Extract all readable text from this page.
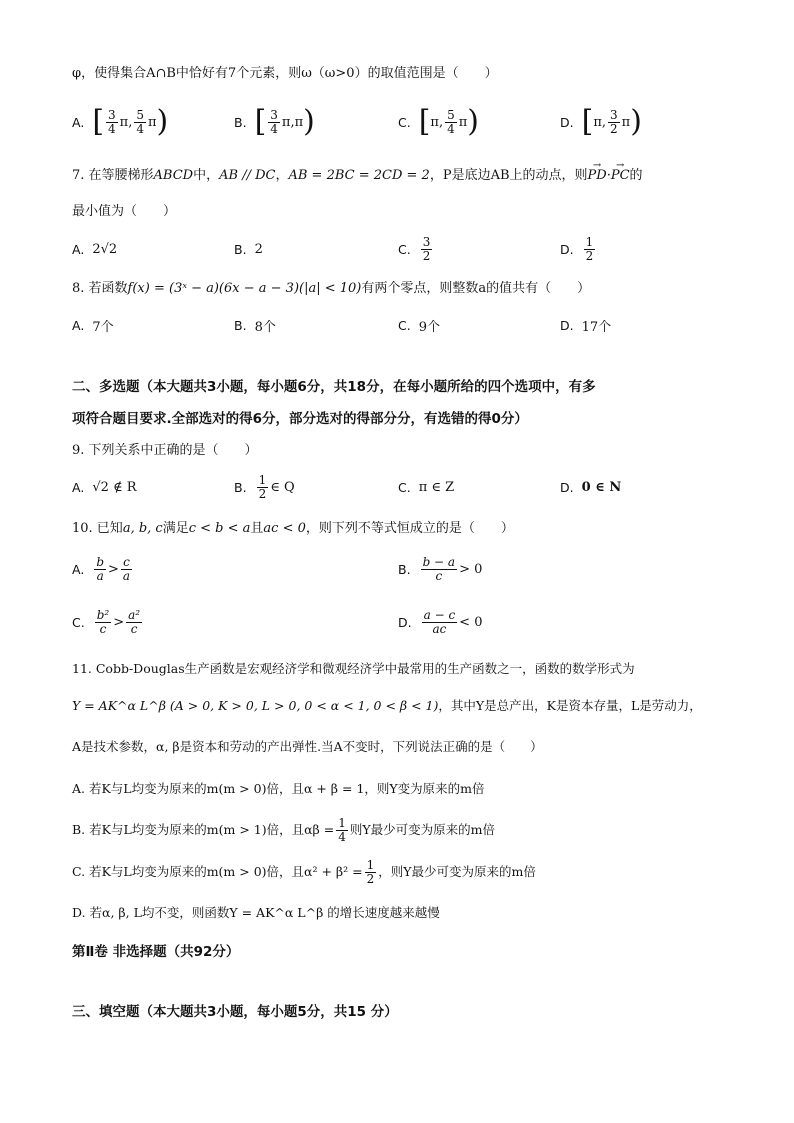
φ，使得集合A∩B中恰好有7个元素，则ω（ω>0）的取值范围是（　　）
A. [ $\frac{3}{4} \pi$, $\frac{5}{4}$ π )	B. [ $\frac{3}{4} \pi$, π )	C. [ π, $\frac{5}{4}$ π )	D. [ π, $\frac{3}{2}$ π )
7. 在等腰梯形ABCD中，AB // DC，AB = 2BC = 2CD = 2，P是底边AB上的动点，则→ PD·→ PC的
最小值为（　　）
A. 2√2	B. 2	C. $\frac{3}{2}$	D. $\frac{1}{2}$
8. 若函数f(x) = (3ˣ − a)(6x − a − 3)(|a| < 10)有两个零点，则整数a的值共有（　　）
A. 7个	B. 8个	C. 9个	D. 17个
二、多选题（本大题共3小题，每小题6分，共18分，在每小题所给的四个选项中，有多
项符合题目要求.全部选对的得6分，部分选对的得部分分，有选错的得0分）
9. 下列关系中正确的是（　　）
A. √2 ∉ R	B. $\frac{1}{2}$ ∈ Q	C. π ∈ Z	D. 0 ∈ N
10. 已知a, b, c满足c < b < a且ac < 0，则下列不等式恒成立的是（　　）
A. $\frac{b}{a} > \frac{c}{a}$	B. $\frac{b - a}{c} > 0$
C. $\frac{\text{b²}}{c} > \frac{\text{a²}}{c}$	D. $\frac{a - c}{ac} < 0$
11. Cobb-Douglas生产函数是宏观经济学和微观经济学中最常用的生产函数之一，函数的数学形式为
Y = AK^α L^β (A > 0, K > 0, L > 0, 0 < α < 1, 0 < β < 1)，其中Y是总产出，K是资本存量，L是劳动力，
A是技术参数，α, β是资本和劳动的产出弹性.当A不变时，下列说法正确的是（　　）
A. 若K与L均变为原来的m(m > 0)倍，且α + β = 1，则Y变为原来的m倍
B. 若K与L均变为原来的m(m > 1)倍，且$\alpha\beta = \frac{1}{4}$ 则Y最少可变为原来的m倍
C. 若K与L均变为原来的m(m > 0)倍，且$\alpha^2 + \beta^2 = \frac{1}{2}$ ，则Y最少可变为原来的m倍
D. 若α, β, L均不变，则函数Y = AK^α L^β 的增长速度越来越慢
第Ⅱ卷 非选择题（共92分）
三、填空题（本大题共3小题，每小题5分，共15 分）
